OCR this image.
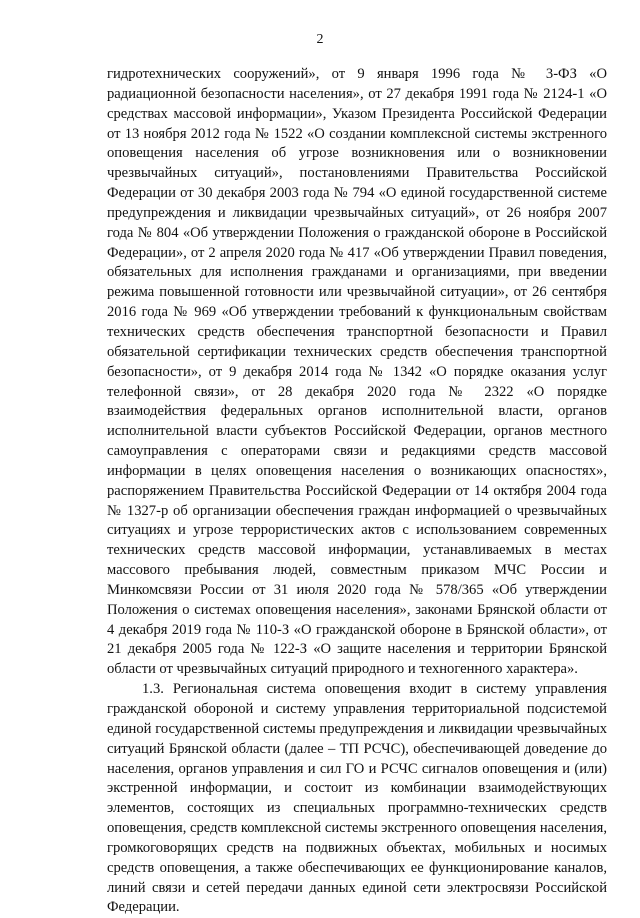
2

гидротехнических сооружений», от 9 января 1996 года № 3-ФЗ «О радиационной безопасности населения», от 27 декабря 1991 года № 2124-1 «О средствах массовой информации», Указом Президента Российской Федерации от 13 ноября 2012 года № 1522 «О создании комплексной системы экстренного оповещения населения об угрозе возникновения или о возникновении чрезвычайных ситуаций», постановлениями Правительства Российской Федерации от 30 декабря 2003 года № 794 «О единой государственной системе предупреждения и ликвидации чрезвычайных ситуаций», от 26 ноября 2007 года № 804 «Об утверждении Положения о гражданской обороне в Российской Федерации», от 2 апреля 2020 года № 417 «Об утверждении Правил поведения, обязательных для исполнения гражданами и организациями, при введении режима повышенной готовности или чрезвычайной ситуации», от 26 сентября 2016 года № 969 «Об утверждении требований к функциональным свойствам технических средств обеспечения транспортной безопасности и Правил обязательной сертификации технических средств обеспечения транспортной безопасности», от 9 декабря 2014 года № 1342 «О порядке оказания услуг телефонной связи», от 28 декабря 2020 года № 2322 «О порядке взаимодействия федеральных органов исполнительной власти, органов исполнительной власти субъектов Российской Федерации, органов местного самоуправления с операторами связи и редакциями средств массовой информации в целях оповещения населения о возникающих опасностях», распоряжением Правительства Российской Федерации от 14 октября 2004 года № 1327-р об организации обеспечения граждан информацией о чрезвычайных ситуациях и угрозе террористических актов с использованием современных технических средств массовой информации, устанавливаемых в местах массового пребывания людей, совместным приказом МЧС России и Минкомсвязи России от 31 июля 2020 года № 578/365 «Об утверждении Положения о системах оповещения населения», законами Брянской области от 4 декабря 2019 года № 110-З «О гражданской обороне в Брянской области», от 21 декабря 2005 года № 122-З «О защите населения и территории Брянской области от чрезвычайных ситуаций природного и техногенного характера».

1.3. Региональная система оповещения входит в систему управления гражданской обороной и систему управления территориальной подсистемой единой государственной системы предупреждения и ликвидации чрезвычайных ситуаций Брянской области (далее – ТП РСЧС), обеспечивающей доведение до населения, органов управления и сил ГО и РСЧС сигналов оповещения и (или) экстренной информации, и состоит из комбинации взаимодействующих элементов, состоящих из специальных программно-технических средств оповещения, средств комплексной системы экстренного оповещения населения, громкоговорящих средств на подвижных объектах, мобильных и носимых средств оповещения, а также обеспечивающих ее функционирование каналов, линий связи и сетей передачи данных единой сети электросвязи Российской Федерации.
